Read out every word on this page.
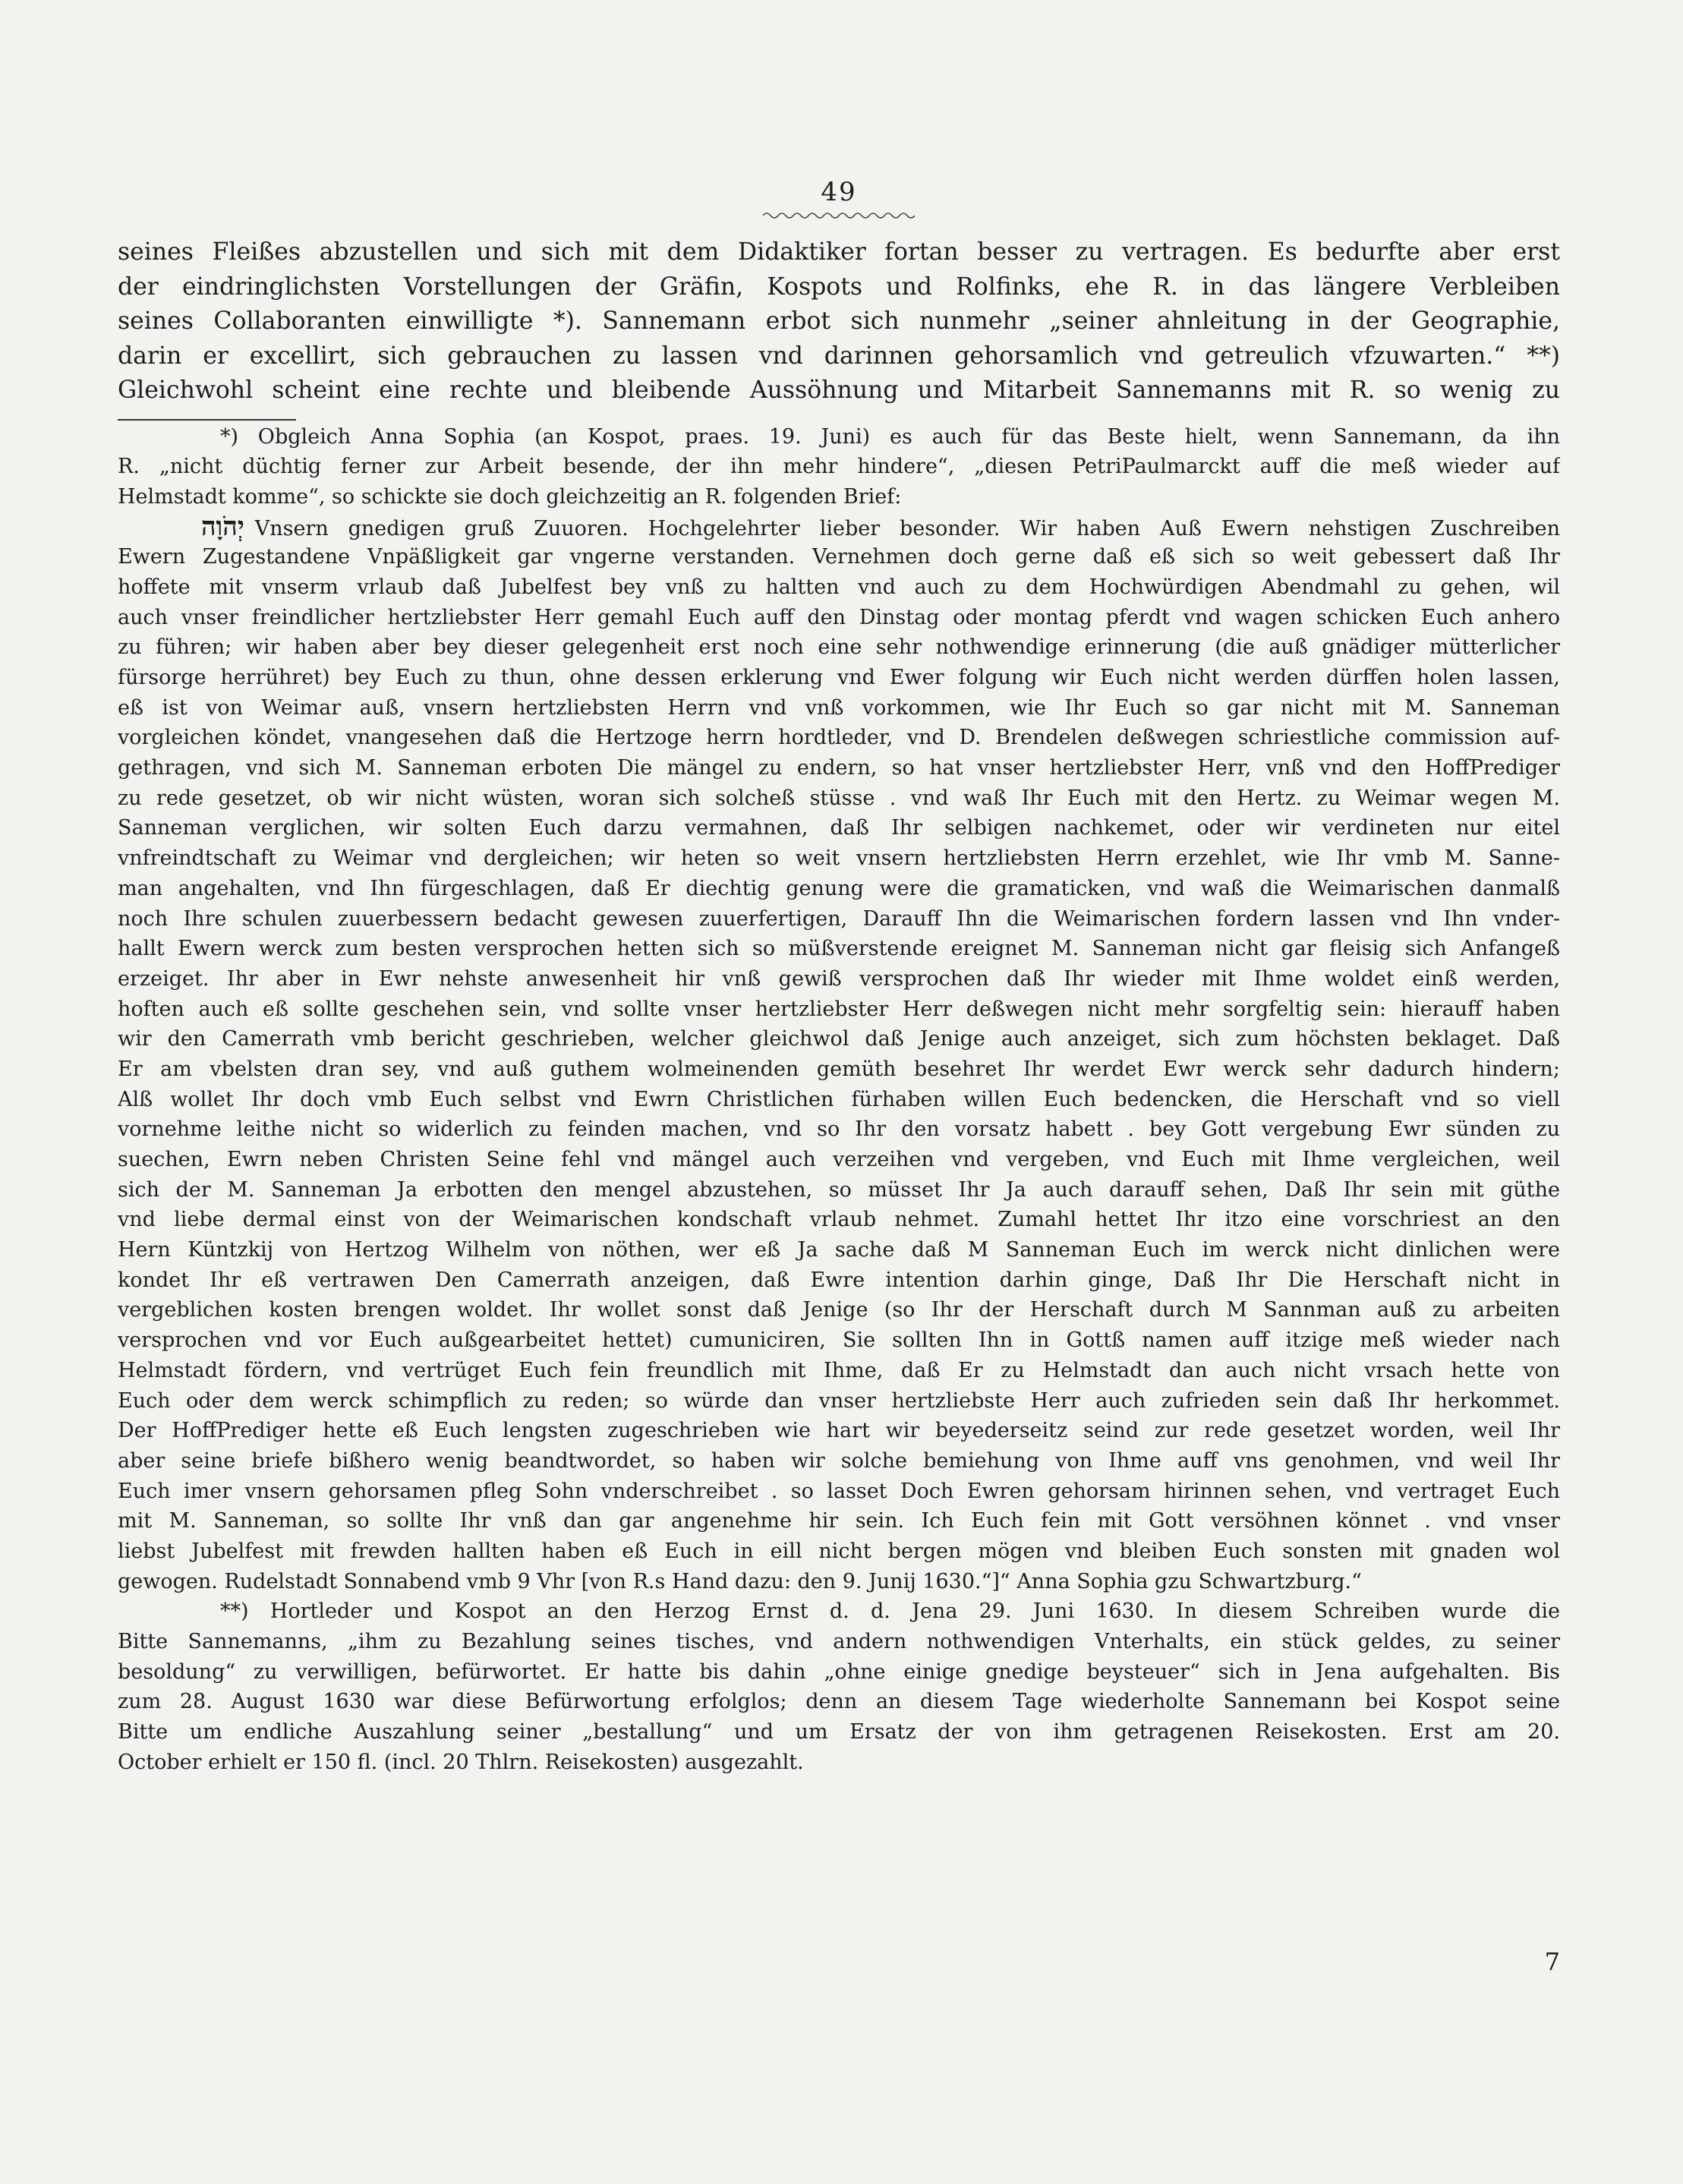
49
seines Fleißes abzustellen und sich mit dem Didaktiker fortan besser zu vertragen. Es bedurfte aber erst
der eindringlichsten Vorstellungen der Gräfin, Kospots und Rolfinks, ehe R. in das längere Verbleiben
seines Collaboranten einwilligte *). Sannemann erbot sich nunmehr „seiner ahnleitung in der Geographie,
darin er excellirt, sich gebrauchen zu lassen vnd darinnen gehorsamlich vnd getreulich vfzuwarten.“ **)
Gleichwohl scheint eine rechte und bleibende Aussöhnung und Mitarbeit Sannemanns mit R. so wenig zu
*) Obgleich Anna Sophia (an Kospot, praes. 19. Juni) es auch für das Beste hielt, wenn Sannemann, da ihn
R. „nicht düchtig ferner zur Arbeit besende, der ihn mehr hindere“, „diesen PetriPaulmarckt auff die meß wieder auf
Helmstadt komme“, so schickte sie doch gleichzeitig an R. folgenden Brief:
יְהֹוָה Vnsern gnedigen gruß Zuuoren. Hochgelehrter lieber besonder. Wir haben Auß Ewern nehstigen Zuschreiben
Ewern Zugestandene Vnpäßligkeit gar vngerne verstanden. Vernehmen doch gerne daß eß sich so weit gebessert daß Ihr
hoffete mit vnserm vrlaub daß Jubelfest bey vnß zu haltten vnd auch zu dem Hochwürdigen Abendmahl zu gehen, wil
auch vnser freindlicher hertzliebster Herr gemahl Euch auff den Dinstag oder montag pferdt vnd wagen schicken Euch anhero
zu führen; wir haben aber bey dieser gelegenheit erst noch eine sehr nothwendige erinnerung (die auß gnädiger mütterlicher
fürsorge herrühret) bey Euch zu thun, ohne dessen erklerung vnd Ewer folgung wir Euch nicht werden dürffen holen lassen,
eß ist von Weimar auß, vnsern hertzliebsten Herrn vnd vnß vorkommen, wie Ihr Euch so gar nicht mit M. Sanneman
vorgleichen köndet, vnangesehen daß die Hertzoge herrn hordtleder, vnd D. Brendelen deßwegen schriestliche commission auf-
gethragen, vnd sich M. Sanneman erboten Die mängel zu endern, so hat vnser hertzliebster Herr, vnß vnd den HoffPrediger
zu rede gesetzet, ob wir nicht wüsten, woran sich solcheß stüsse . vnd waß Ihr Euch mit den Hertz. zu Weimar wegen M.
Sanneman verglichen, wir solten Euch darzu vermahnen, daß Ihr selbigen nachkemet, oder wir verdineten nur eitel
vnfreindtschaft zu Weimar vnd dergleichen; wir heten so weit vnsern hertzliebsten Herrn erzehlet, wie Ihr vmb M. Sanne-
man angehalten, vnd Ihn fürgeschlagen, daß Er diechtig genung were die gramaticken, vnd waß die Weimarischen danmalß
noch Ihre schulen zuuerbessern bedacht gewesen zuuerfertigen, Darauff Ihn die Weimarischen fordern lassen vnd Ihn vnder-
hallt Ewern werck zum besten versprochen hetten sich so müßverstende ereignet M. Sanneman nicht gar fleisig sich Anfangeß
erzeiget. Ihr aber in Ewr nehste anwesenheit hir vnß gewiß versprochen daß Ihr wieder mit Ihme woldet einß werden,
hoften auch eß sollte geschehen sein, vnd sollte vnser hertzliebster Herr deßwegen nicht mehr sorgfeltig sein: hierauff haben
wir den Camerrath vmb bericht geschrieben, welcher gleichwol daß Jenige auch anzeiget, sich zum höchsten beklaget. Daß
Er am vbelsten dran sey, vnd auß guthem wolmeinenden gemüth besehret Ihr werdet Ewr werck sehr dadurch hindern;
Alß wollet Ihr doch vmb Euch selbst vnd Ewrn Christlichen fürhaben willen Euch bedencken, die Herschaft vnd so viell
vornehme leithe nicht so widerlich zu feinden machen, vnd so Ihr den vorsatz habett . bey Gott vergebung Ewr sünden zu
suechen, Ewrn neben Christen Seine fehl vnd mängel auch verzeihen vnd vergeben, vnd Euch mit Ihme vergleichen, weil
sich der M. Sanneman Ja erbotten den mengel abzustehen, so müsset Ihr Ja auch darauff sehen, Daß Ihr sein mit güthe
vnd liebe dermal einst von der Weimarischen kondschaft vrlaub nehmet. Zumahl hettet Ihr itzo eine vorschriest an den
Hern Küntzkij von Hertzog Wilhelm von nöthen, wer eß Ja sache daß M Sanneman Euch im werck nicht dinlichen were
kondet Ihr eß vertrawen Den Camerrath anzeigen, daß Ewre intention darhin ginge, Daß Ihr Die Herschaft nicht in
vergeblichen kosten brengen woldet. Ihr wollet sonst daß Jenige (so Ihr der Herschaft durch M Sannman auß zu arbeiten
versprochen vnd vor Euch außgearbeitet hettet) cumuniciren, Sie sollten Ihn in Gottß namen auff itzige meß wieder nach
Helmstadt fördern, vnd vertrüget Euch fein freundlich mit Ihme, daß Er zu Helmstadt dan auch nicht vrsach hette von
Euch oder dem werck schimpflich zu reden; so würde dan vnser hertzliebste Herr auch zufrieden sein daß Ihr herkommet.
Der HoffPrediger hette eß Euch lengsten zugeschrieben wie hart wir beyederseitz seind zur rede gesetzet worden, weil Ihr
aber seine briefe bißhero wenig beandtwordet, so haben wir solche bemiehung von Ihme auff vns genohmen, vnd weil Ihr
Euch imer vnsern gehorsamen pfleg Sohn vnderschreibet . so lasset Doch Ewren gehorsam hirinnen sehen, vnd vertraget Euch
mit M. Sanneman, so sollte Ihr vnß dan gar angenehme hir sein. Ich Euch fein mit Gott versöhnen könnet . vnd vnser
liebst Jubelfest mit frewden hallten haben eß Euch in eill nicht bergen mögen vnd bleiben Euch sonsten mit gnaden wol
gewogen. Rudelstadt Sonnabend vmb 9 Vhr [von R.s Hand dazu: den 9. Junij 1630.“]“ Anna Sophia gzu Schwartzburg.“
**) Hortleder und Kospot an den Herzog Ernst d. d. Jena 29. Juni 1630. In diesem Schreiben wurde die
Bitte Sannemanns, „ihm zu Bezahlung seines tisches, vnd andern nothwendigen Vnterhalts, ein stück geldes, zu seiner
besoldung“ zu verwilligen, befürwortet. Er hatte bis dahin „ohne einige gnedige beysteuer“ sich in Jena aufgehalten. Bis
zum 28. August 1630 war diese Befürwortung erfolglos; denn an diesem Tage wiederholte Sannemann bei Kospot seine
Bitte um endliche Auszahlung seiner „bestallung“ und um Ersatz der von ihm getragenen Reisekosten. Erst am 20.
October erhielt er 150 fl. (incl. 20 Thlrn. Reisekosten) ausgezahlt.
7
